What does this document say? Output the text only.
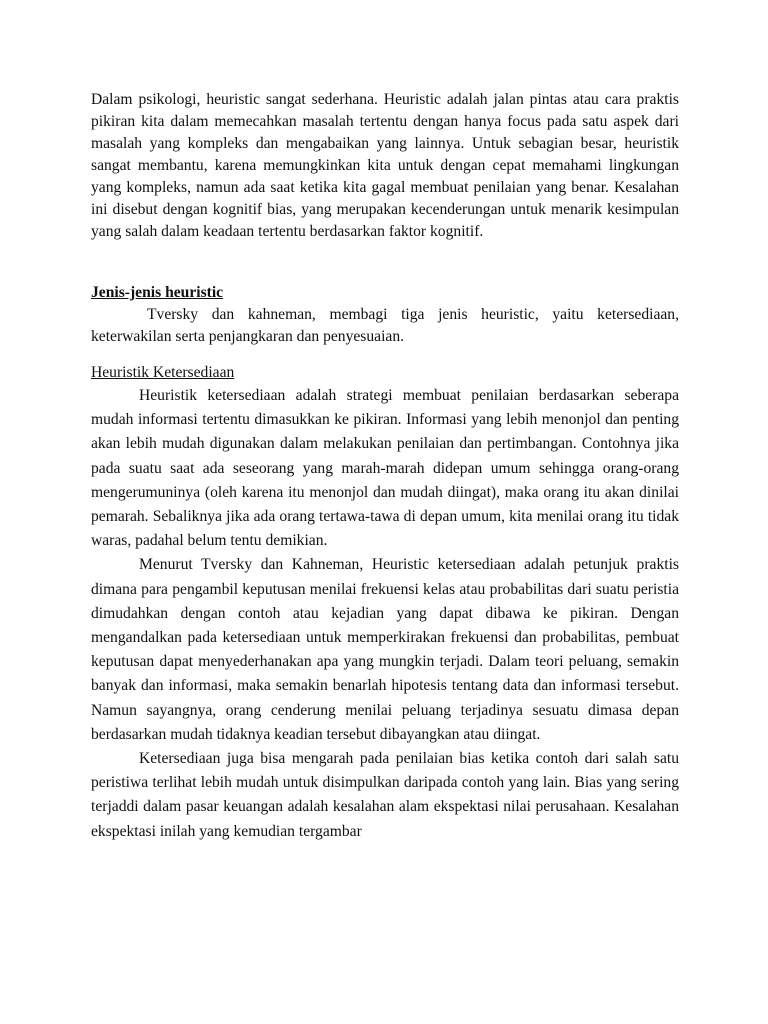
Dalam psikologi, heuristic sangat sederhana. Heuristic adalah jalan pintas atau cara praktis pikiran kita dalam memecahkan masalah tertentu dengan hanya focus pada satu aspek dari masalah yang kompleks dan mengabaikan yang lainnya. Untuk sebagian besar, heuristik sangat membantu, karena memungkinkan kita untuk dengan cepat memahami lingkungan yang kompleks, namun ada saat ketika kita gagal membuat penilaian yang benar. Kesalahan ini disebut dengan kognitif bias, yang merupakan kecenderungan untuk menarik kesimpulan yang salah dalam keadaan tertentu berdasarkan faktor kognitif.

Jenis-jenis heuristic

Tversky dan kahneman, membagi tiga jenis heuristic, yaitu ketersediaan, keterwakilan serta penjangkaran dan penyesuaian.

Heuristik Ketersediaan

Heuristik ketersediaan adalah strategi membuat penilaian berdasarkan seberapa mudah informasi tertentu dimasukkan ke pikiran. Informasi yang lebih menonjol dan penting akan lebih mudah digunakan dalam melakukan penilaian dan pertimbangan. Contohnya jika pada suatu saat ada seseorang yang marah-marah didepan umum sehingga orang-orang mengerumuninya (oleh karena itu menonjol dan mudah diingat), maka orang itu akan dinilai pemarah. Sebaliknya jika ada orang tertawa-tawa di depan umum, kita menilai orang itu tidak waras, padahal belum tentu demikian.

Menurut Tversky dan Kahneman, Heuristic ketersediaan adalah petunjuk praktis dimana para pengambil keputusan menilai frekuensi kelas atau probabilitas dari suatu peristia dimudahkan dengan contoh atau kejadian yang dapat dibawa ke pikiran. Dengan mengandalkan pada ketersediaan untuk memperkirakan frekuensi dan probabilitas, pembuat keputusan dapat menyederhanakan apa yang mungkin terjadi. Dalam teori peluang, semakin banyak dan informasi, maka semakin benarlah hipotesis tentang data dan informasi tersebut. Namun sayangnya, orang cenderung menilai peluang terjadinya sesuatu dimasa depan berdasarkan mudah tidaknya keadian tersebut dibayangkan atau diingat.

Ketersediaan juga bisa mengarah pada penilaian bias ketika contoh dari salah satu peristiwa terlihat lebih mudah untuk disimpulkan daripada contoh yang lain. Bias yang sering terjaddi dalam pasar keuangan adalah kesalahan alam ekspektasi nilai perusahaan. Kesalahan ekspektasi inilah yang kemudian tergambar
